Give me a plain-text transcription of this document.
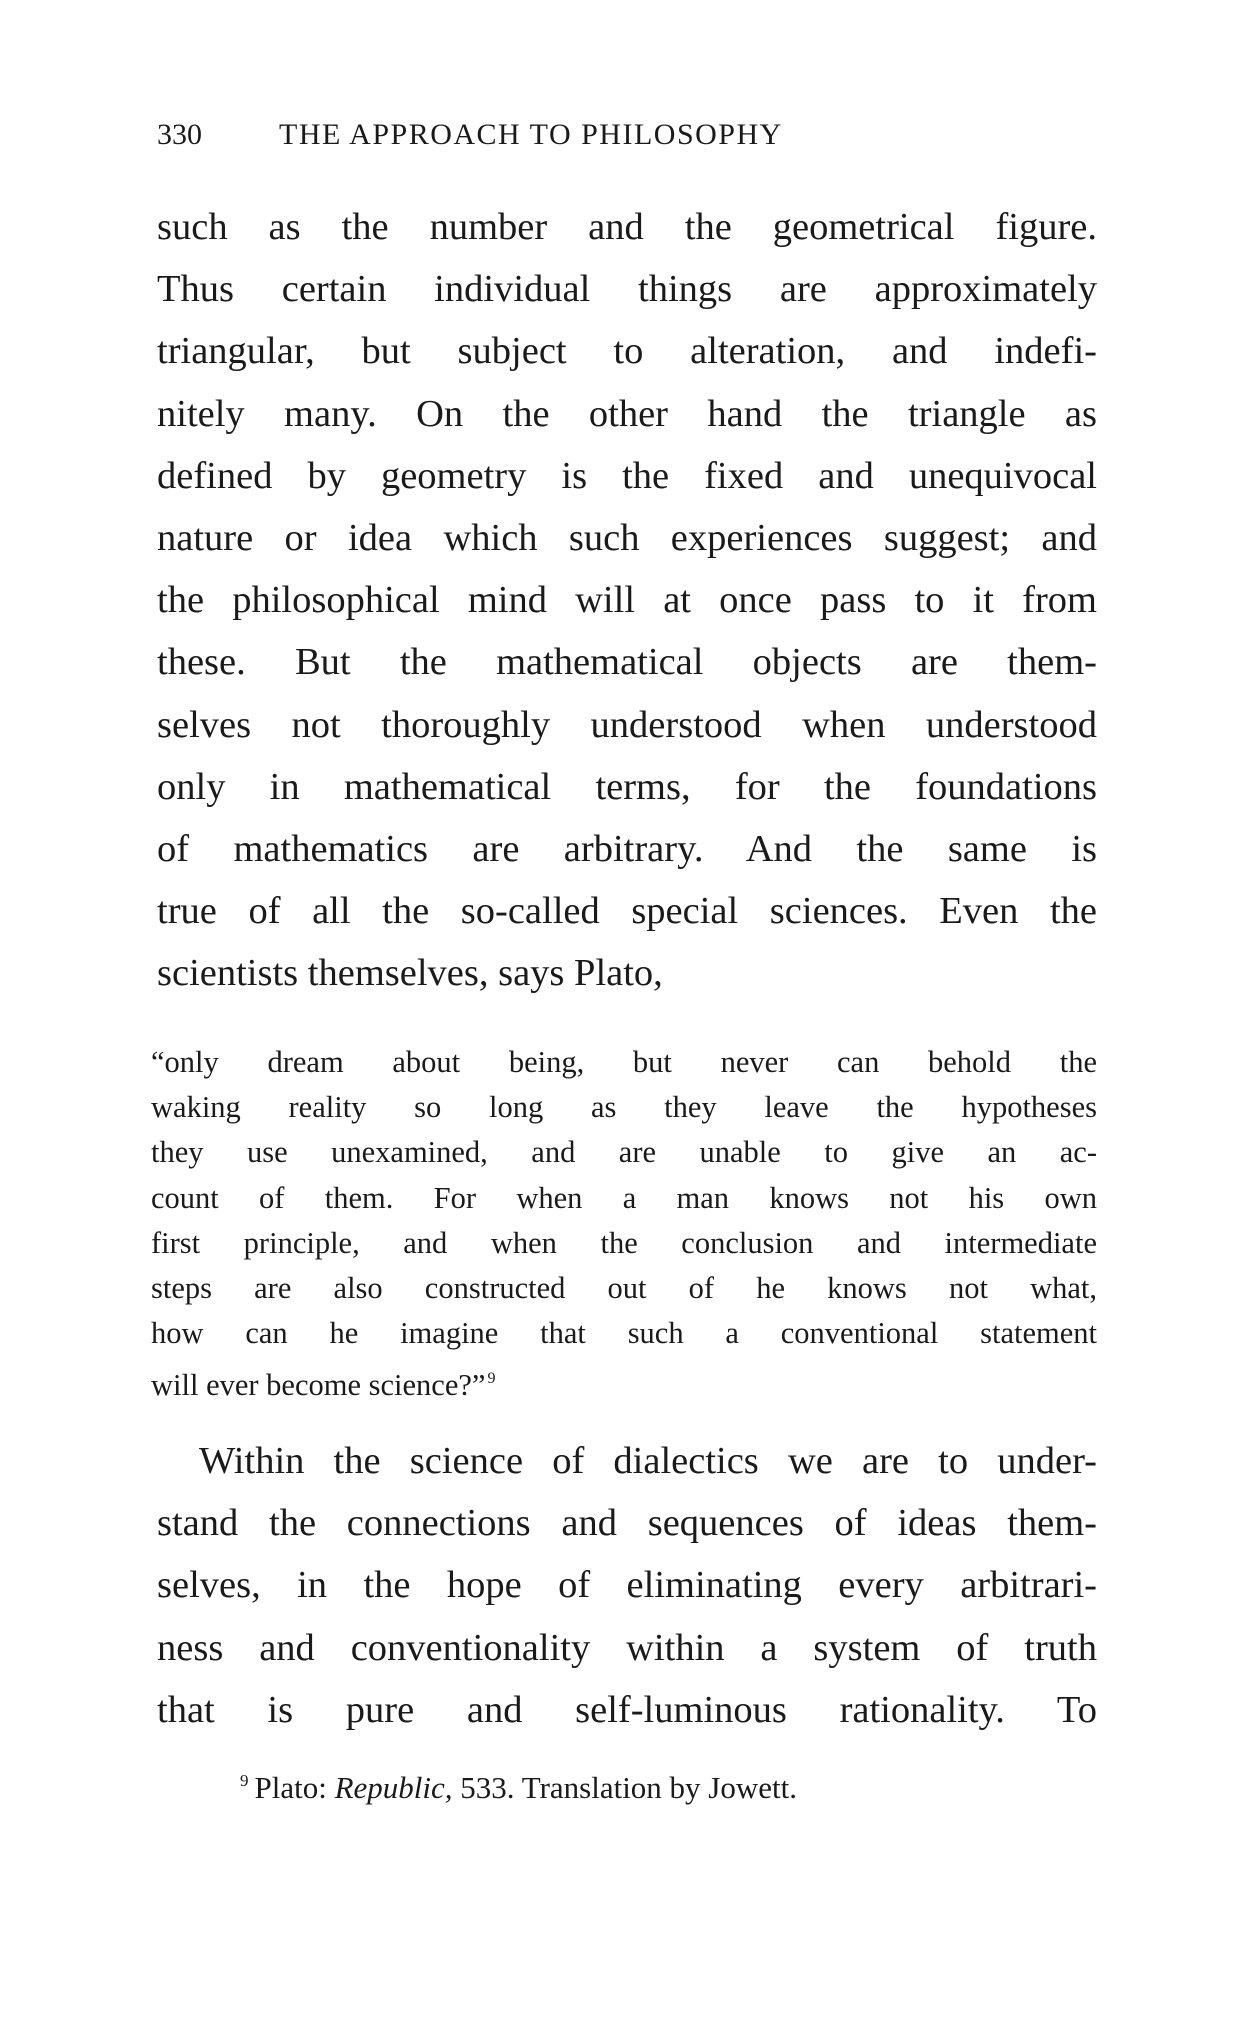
330	THE APPROACH TO PHILOSOPHY
such as the number and the geometrical figure.
Thus certain individual things are approximately
triangular, but subject to alteration, and indefi-
nitely many. On the other hand the triangle as
defined by geometry is the fixed and unequivocal
nature or idea which such experiences suggest; and
the philosophical mind will at once pass to it from
these. But the mathematical objects are them-
selves not thoroughly understood when understood
only in mathematical terms, for the foundations
of mathematics are arbitrary. And the same is
true of all the so-called special sciences. Even the
scientists themselves, says Plato,
“only dream about being, but never can behold the
waking reality so long as they leave the hypotheses
they use unexamined, and are unable to give an ac-
count of them. For when a man knows not his own
first principle, and when the conclusion and intermediate
steps are also constructed out of he knows not what,
how can he imagine that such a conventional statement
will ever become science?” $^9$
Within the science of dialectics we are to under-
stand the connections and sequences of ideas them-
selves, in the hope of eliminating every arbitrari-
ness and conventionality within a system of truth
that is pure and self-luminous rationality. To
$^9$ Plato: Republic, 533. Translation by Jowett.
